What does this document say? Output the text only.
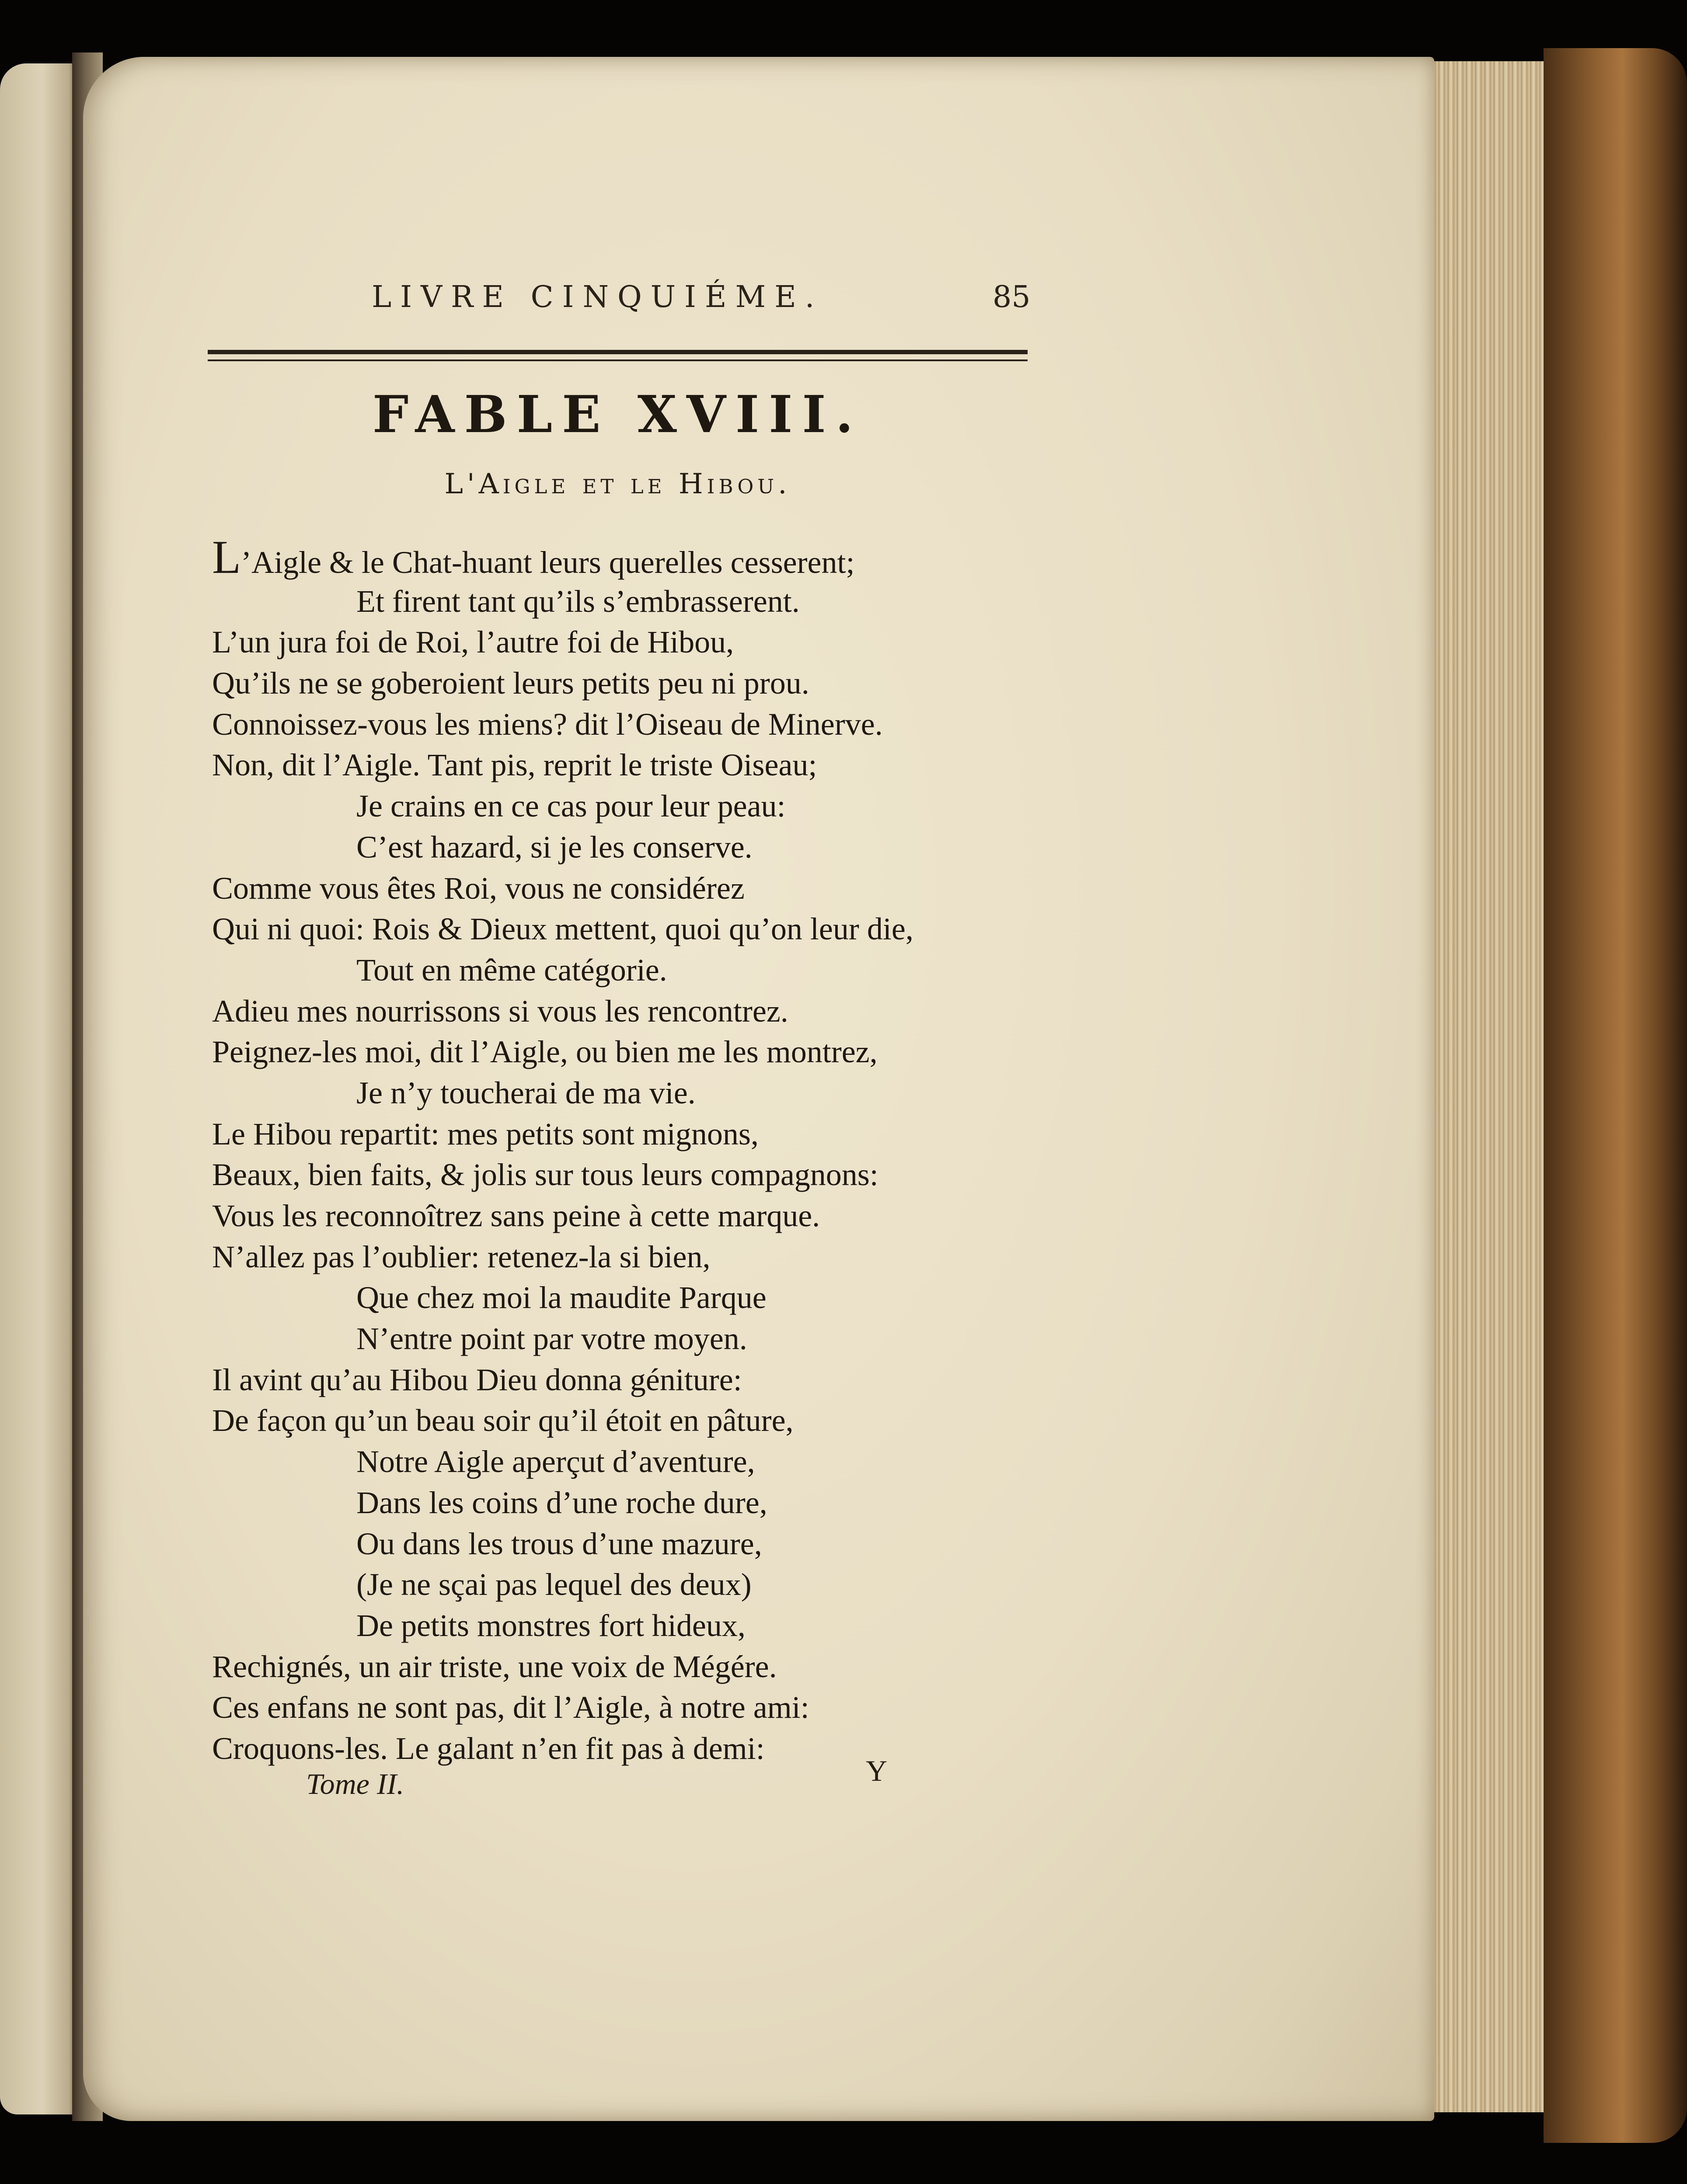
LIVRE CINQUIÉME.	85
FABLE XVIII.
L'Aigle et le Hibou.
L’Aigle & le Chat-huant leurs querelles cesserent;
Et firent tant qu’ils s’embrasserent.
L’un jura foi de Roi, l’autre foi de Hibou,
Qu’ils ne se goberoient leurs petits peu ni prou.
Connoissez-vous les miens? dit l’Oiseau de Minerve.
Non, dit l’Aigle. Tant pis, reprit le triste Oiseau;
Je crains en ce cas pour leur peau:
C’est hazard, si je les conserve.
Comme vous êtes Roi, vous ne considérez
Qui ni quoi: Rois & Dieux mettent, quoi qu’on leur die,
Tout en même catégorie.
Adieu mes nourrissons si vous les rencontrez.
Peignez-les moi, dit l’Aigle, ou bien me les montrez,
Je n’y toucherai de ma vie.
Le Hibou repartit: mes petits sont mignons,
Beaux, bien faits, & jolis sur tous leurs compagnons:
Vous les reconnoîtrez sans peine à cette marque.
N’allez pas l’oublier: retenez-la si bien,
Que chez moi la maudite Parque
N’entre point par votre moyen.
Il avint qu’au Hibou Dieu donna géniture:
De façon qu’un beau soir qu’il étoit en pâture,
Notre Aigle aperçut d’aventure,
Dans les coins d’une roche dure,
Ou dans les trous d’une mazure,
(Je ne sçai pas lequel des deux)
De petits monstres fort hideux,
Rechignés, un air triste, une voix de Mégére.
Ces enfans ne sont pas, dit l’Aigle, à notre ami:
Croquons-les. Le galant n’en fit pas à demi:
Tome II.	Y
